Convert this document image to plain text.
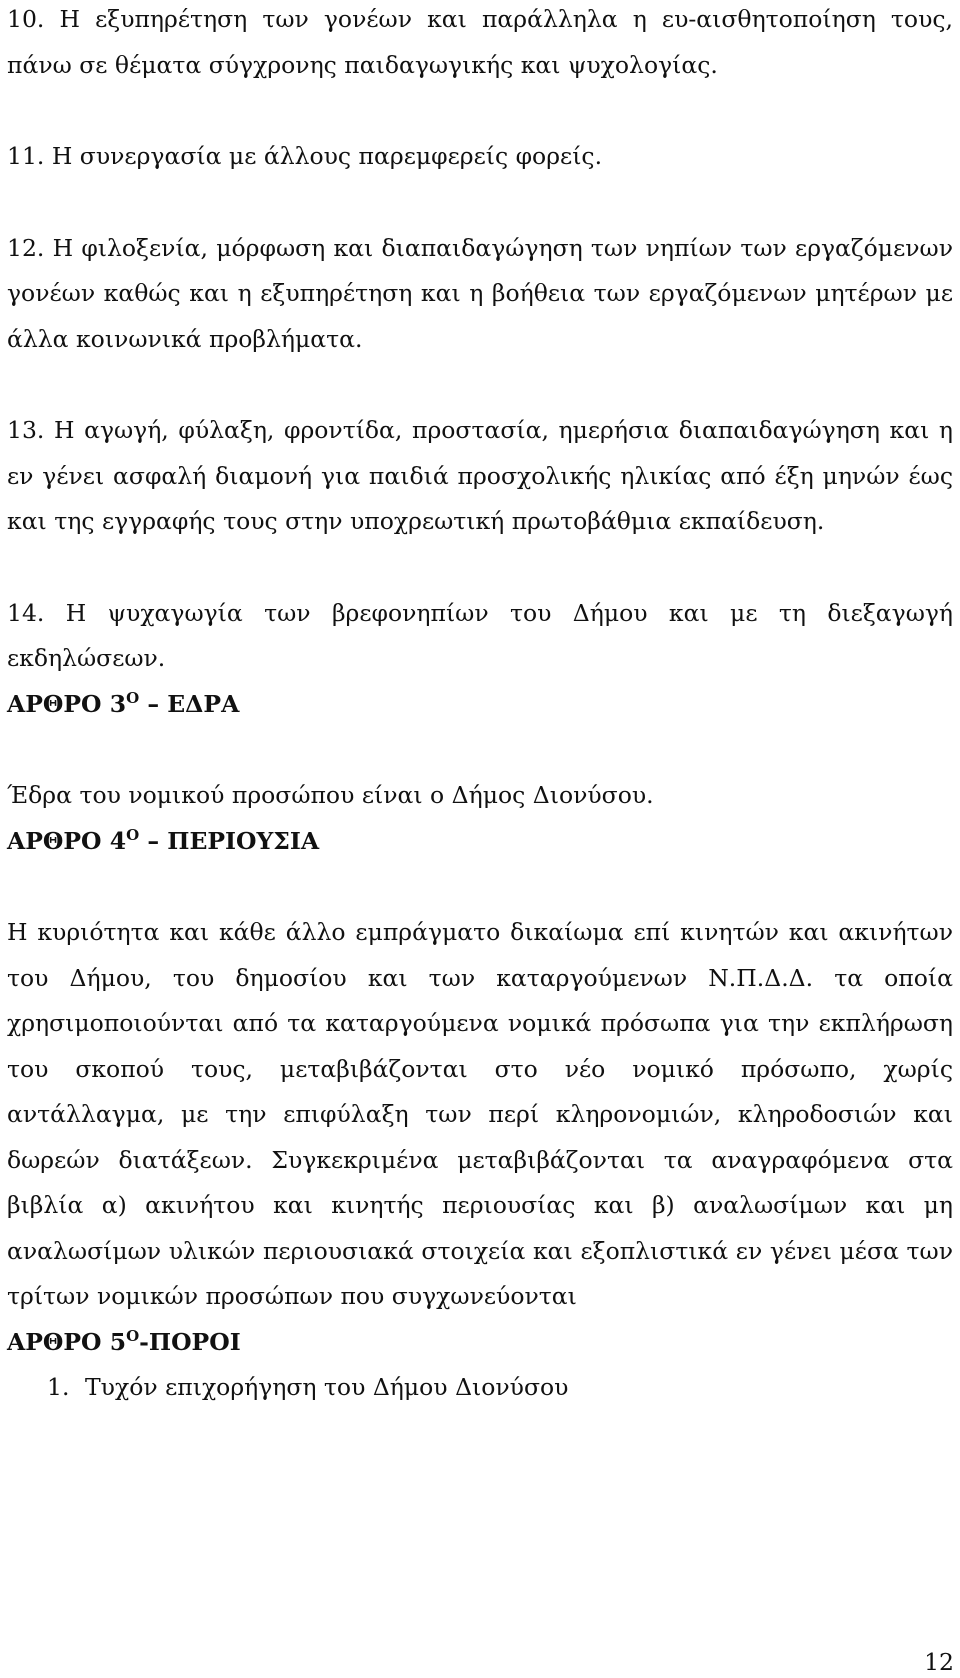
10. Η εξυπηρέτηση των γονέων και παράλληλα η ευ-αισθητοποίηση τους, πάνω σε θέματα σύγχρονης παιδαγωγικής και ψυχολογίας.

11. Η συνεργασία με άλλους παρεμφερείς φορείς.

12. Η φιλοξενία, μόρφωση και διαπαιδαγώγηση των νηπίων των εργαζόμενων γονέων καθώς και η εξυπηρέτηση και η βοήθεια των εργαζόμενων μητέρων με άλλα κοινωνικά προβλήματα.

13. Η αγωγή, φύλαξη, φροντίδα, προστασία, ημερήσια διαπαιδαγώγηση και η εν γένει ασφαλή διαμονή για παιδιά προσχολικής ηλικίας από έξη μηνών έως και της εγγραφής τους στην υποχρεωτική πρωτοβάθμια εκπαίδευση.

14. Η ψυχαγωγία των βρεφονηπίων του Δήμου και με τη διεξαγωγή εκδηλώσεων.

ΑΡΘΡΟ $3^O$ – ΕΔΡΑ

Έδρα του νομικού προσώπου είναι ο Δήμος Διονύσου.

ΑΡΘΡΟ $4^O$ – ΠΕΡΙΟΥΣΙΑ

Η κυριότητα και κάθε άλλο εμπράγματο δικαίωμα επί κινητών και ακινήτων του Δήμου, του δημοσίου και των καταργούμενων Ν.Π.Δ.Δ. τα οποία χρησιμοποιούνται από τα καταργούμενα νομικά πρόσωπα για την εκπλήρωση του σκοπού τους, μεταβιβάζονται στο νέο νομικό πρόσωπο, χωρίς αντάλλαγμα, με την επιφύλαξη των περί κληρονομιών, κληροδοσιών και δωρεών διατάξεων. Συγκεκριμένα μεταβιβάζονται τα αναγραφόμενα στα βιβλία α) ακινήτου και κινητής περιουσίας και β) αναλωσίμων και μη αναλωσίμων υλικών περιουσιακά στοιχεία και εξοπλιστικά εν γένει μέσα των τρίτων νομικών προσώπων που συγχωνεύονται

ΑΡΘΡΟ $5^O$-ΠΟΡΟΙ

1. Τυχόν επιχορήγηση του Δήμου Διονύσου

12
